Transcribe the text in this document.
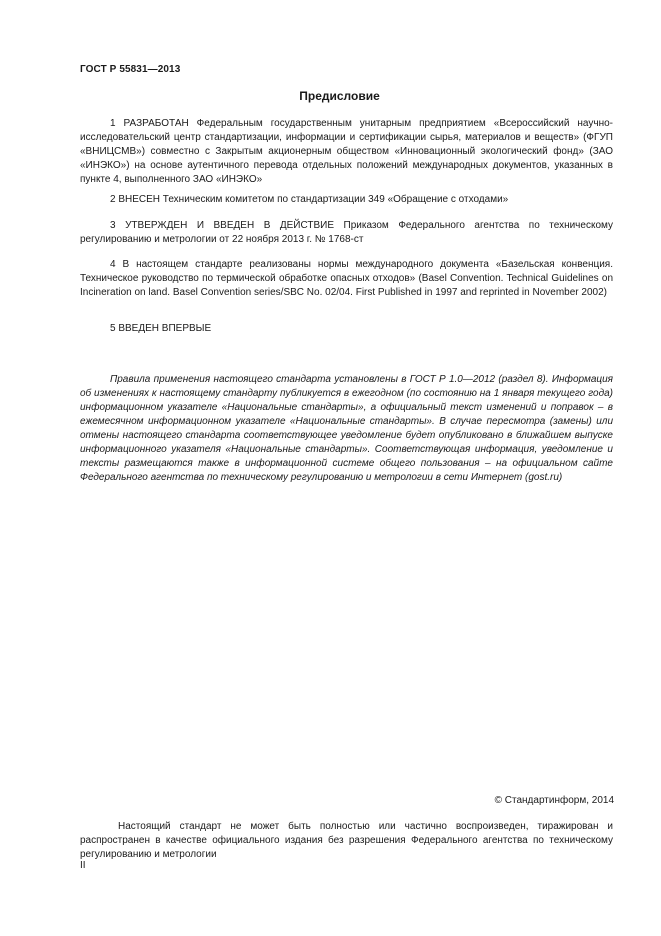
ГОСТ Р 55831—2013
Предисловие

1 РАЗРАБОТАН Федеральным государственным унитарным предприятием «Всероссийский научно-исследовательский центр стандартизации, информации и сертификации сырья, материалов и веществ» (ФГУП «ВНИЦСМВ») совместно с Закрытым акционерным обществом «Инновационный экологический фонд» (ЗАО «ИНЭКО») на основе аутентичного перевода отдельных положений международных документов, указанных в пункте 4, выполненного ЗАО «ИНЭКО»

2 ВНЕСЕН Техническим комитетом по стандартизации 349 «Обращение с отходами»

3 УТВЕРЖДЕН И ВВЕДЕН В ДЕЙСТВИЕ Приказом Федерального агентства по техническому регулированию и метрологии от 22 ноября 2013 г. № 1768-ст

4 В настоящем стандарте реализованы нормы международного документа «Базельская конвенция. Техническое руководство по термической обработке опасных отходов» (Basel Convention. Technical Guidelines on Incineration on land. Basel Convention series/SBC No. 02/04. First Published in 1997 and reprinted in November 2002)

5 ВВЕДЕН ВПЕРВЫЕ

Правила применения настоящего стандарта установлены в ГОСТ Р 1.0—2012 (раздел 8). Информация об изменениях к настоящему стандарту публикуется в ежегодном (по состоянию на 1 января текущего года) информационном указателе «Национальные стандарты», а официальный текст изменений и поправок – в ежемесячном информационном указателе «Национальные стандарты». В случае пересмотра (замены) или отмены настоящего стандарта соответствующее уведомление будет опубликовано в ближайшем выпуске информационного указателя «Национальные стандарты». Соответствующая информация, уведомление и тексты размещаются также в информационной системе общего пользования – на официальном сайте Федерального агентства по техническому регулированию и метрологии в сети Интернет (gost.ru)

© Стандартинформ, 2014

Настоящий стандарт не может быть полностью или частично воспроизведен, тиражирован и распространен в качестве официального издания без разрешения Федерального агентства по техническому регулированию и метрологии

II
